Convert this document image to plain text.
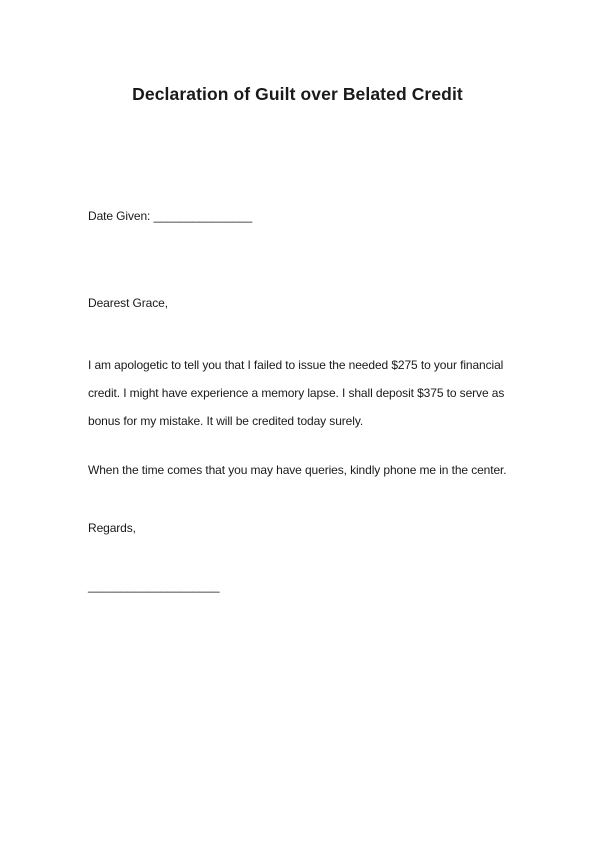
Declaration of Guilt over Belated Credit

Date Given: _______________

Dearest Grace,

I am apologetic to tell you that I failed to issue the needed $275 to your financial
credit. I might have experience a memory lapse. I shall deposit $375 to serve as
bonus for my mistake. It will be credited today surely.

When the time comes that you may have queries, kindly phone me in the center.

Regards,

____________________
